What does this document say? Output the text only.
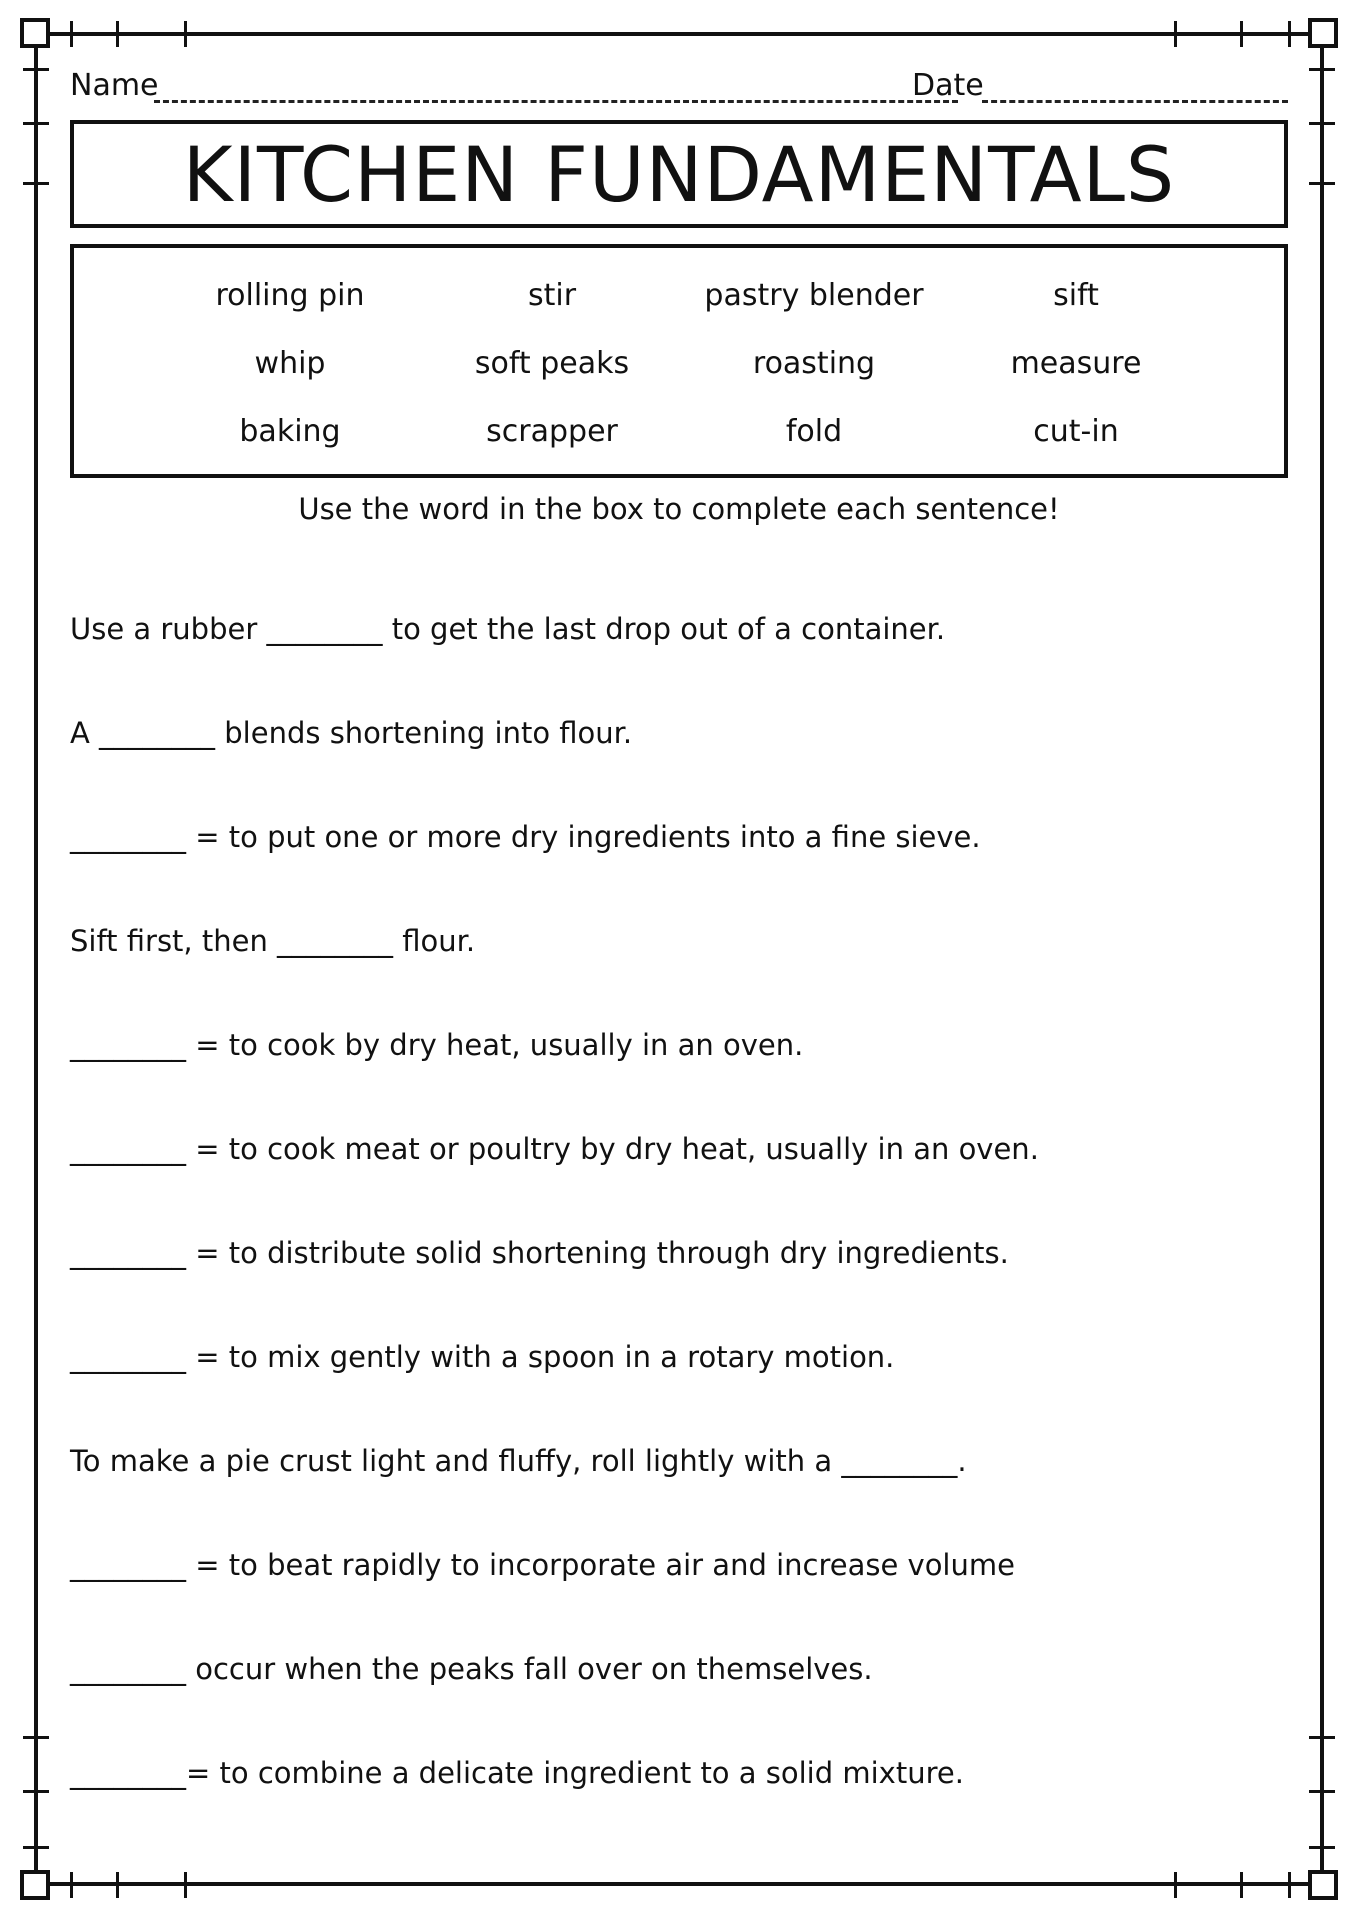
Name	Date
KITCHEN FUNDAMENTALS
rolling pin	stir	pastry blender	sift
whip	soft peaks	roasting	measure
baking	scrapper	fold	cut-in
Use the word in the box to complete each sentence!
Use a rubber ________ to get the last drop out of a container.
A ________ blends shortening into flour.
________ = to put one or more dry ingredients into a fine sieve.
Sift first, then ________ flour.
________ = to cook by dry heat, usually in an oven.
________ = to cook meat or poultry by dry heat, usually in an oven.
________ = to distribute solid shortening through dry ingredients.
________ = to mix gently with a spoon in a rotary motion.
To make a pie crust light and fluffy, roll lightly with a ________.
________ = to beat rapidly to incorporate air and increase volume
________ occur when the peaks fall over on themselves.
________= to combine a delicate ingredient to a solid mixture.
